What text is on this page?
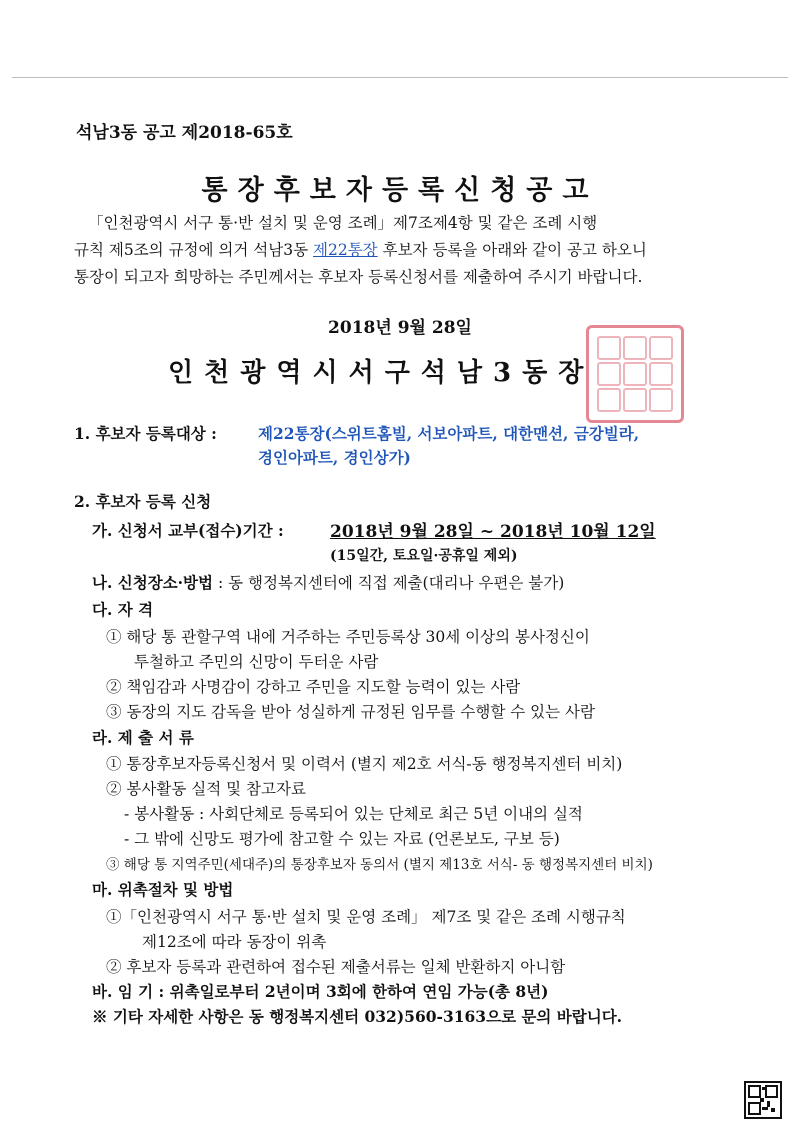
석남3동 공고 제2018-65호
통장후보자등록신청공고
「인천광역시 서구 통·반 설치 및 운영 조례」제7조제4항 및 같은 조례 시행
규칙 제5조의 규정에 의거 석남3동 제22통장 후보자 등록을 아래와 같이 공고 하오니
통장이 되고자 희망하는 주민께서는 후보자 등록신청서를 제출하여 주시기 바랍니다.
2018년 9월 28일
인천광역시서구석남3동장
1. 후보자 등록대상 :	제22통장(스위트홈빌, 서보아파트, 대한맨션, 금강빌라,
경인아파트, 경인상가)
2. 후보자 등록 신청
가. 신청서 교부(접수)기간 :	2018년 9월 28일 ~ 2018년 10월 12일
(15일간, 토요일·공휴일 제외)
나. 신청장소·방법 : 동 행정복지센터에 직접 제출(대리나 우편은 불가)
다. 자 격
① 해당 통 관할구역 내에 거주하는 주민등록상 30세 이상의 봉사정신이
투철하고 주민의 신망이 두터운 사람
② 책임감과 사명감이 강하고 주민을 지도할 능력이 있는 사람
③ 동장의 지도 감독을 받아 성실하게 규정된 임무를 수행할 수 있는 사람
라. 제 출 서 류
① 통장후보자등록신청서 및 이력서 (별지 제2호 서식-동 행정복지센터 비치)
② 봉사활동 실적 및 참고자료
- 봉사활동 : 사회단체로 등록되어 있는 단체로 최근 5년 이내의 실적
- 그 밖에 신망도 평가에 참고할 수 있는 자료 (언론보도, 구보 등)
③ 해당 통 지역주민(세대주)의 통장후보자 동의서 (별지 제13호 서식- 동 행정복지센터 비치)
마. 위촉절차 및 방법
①「인천광역시 서구 통·반 설치 및 운영 조례」 제7조 및 같은 조례 시행규칙
제12조에 따라 동장이 위촉
② 후보자 등록과 관련하여 접수된 제출서류는 일체 반환하지 아니함
바. 임 기 : 위촉일로부터 2년이며 3회에 한하여 연임 가능(총 8년)
※ 기타 자세한 사항은 동 행정복지센터 032)560-3163으로 문의 바랍니다.
